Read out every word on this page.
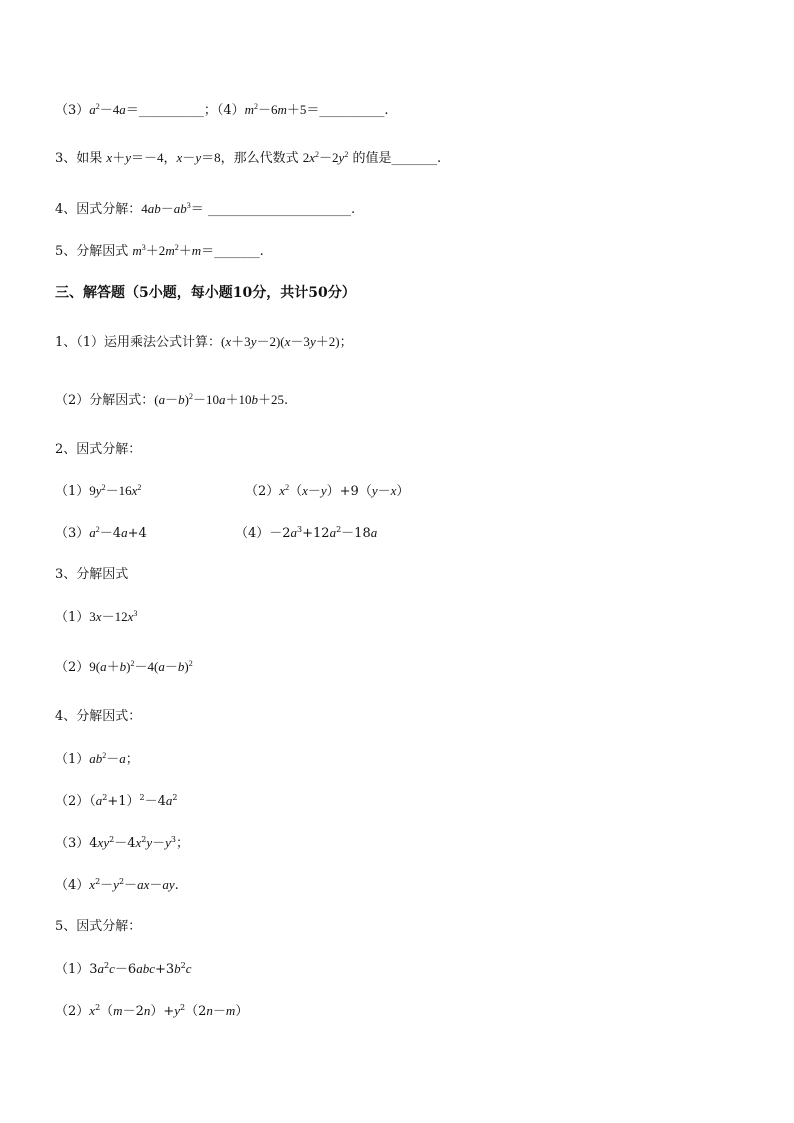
$(3)a^2-4a=\_\_\_\_\_\_\_\_\_\_$；$(4)m^2-6m+5=\_\_\_\_\_\_\_\_\_\_$.
3、如果 x＋y＝－4，x－y＝8，那么代数式 $2x^2-2y^2$ 的值是_______.
4、因式分解：$4ab-ab^3=$ ______________________.
5、分解因式 $m^3+2m^2+m=\_\_\_\_\_\_\_$.
三、解答题（5小题，每小题10分，共计50分）
1、（1）运用乘法公式计算：(x＋3y－2)(x－3y＋2)；
（2）分解因式：$(a-b)^2-10a+10b+25$.
2、因式分解：
$(1)9y^2-16x^2$	$(2)x^2(x-y)+9(y-x)$
$(3)a^2-4a+4$	$(4)-2a^3+12a^2-18a$
3、分解因式
$(1)3x-12x^3$
$(2)9(a+b)^2-4(a-b)^2$
4、分解因式：
$(1)ab^2-a$；
$(2)(a^2+1)^2-4a^2$
$(3)4xy^2-4x^2y-y^3$；
$(4)x^2-y^2-ax-ay$.
5、因式分解：
$(1)3a^2c-6abc+3b^2c$
$(2)x^2(m-2n)+y^2(2n-m)$
